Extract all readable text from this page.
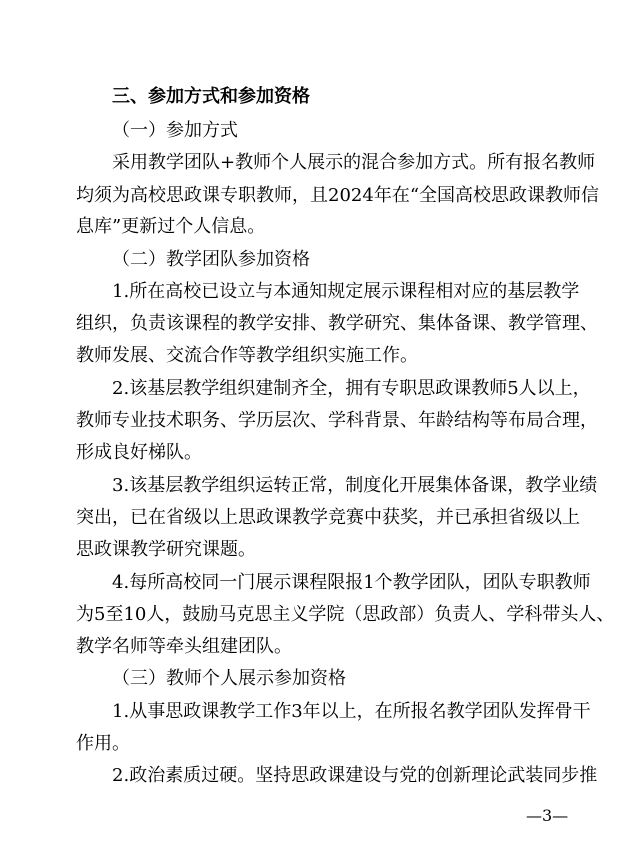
三、参加方式和参加资格
（一）参加方式
采 用 教 学 团 队 + 教 师 个 人 展 示 的 混 合 参 加 方 式 。 所 有 报 名 教 师
均 须 为 高 校 思 政 课 专 职 教 师 ， 且 2024 年 在 “ 全 国 高 校 思 政 课 教 师 信
息库”更新过个人信息。
（二）教学团队参加资格
1. 所 在 高 校 已 设 立 与 本 通 知 规 定 展 示 课 程 相 对 应 的 基 层 教 学
组 织 ， 负 责 该 课 程 的 教 学 安 排 、 教 学 研 究 、 集 体 备 课 、 教 学 管 理 、
教师发展、交流合作等教学组织实施工作。
2. 该 基 层 教 学 组 织 建 制 齐 全 ， 拥 有 专 职 思 政 课 教 师 5 人 以 上 ，
教 师 专 业 技 术 职 务 、 学 历 层 次 、 学 科 背 景 、 年 龄 结 构 等 布 局 合 理 ，
形成良好梯队。
3. 该 基 层 教 学 组 织 运 转 正 常 ， 制 度 化 开 展 集 体 备 课 ， 教 学 业 绩
突 出 ， 已 在 省 级 以 上 思 政 课 教 学 竞 赛 中 获 奖 ， 并 已 承 担 省 级 以 上
思政课教学研究课题。
4. 每 所 高 校 同 一 门 展 示 课 程 限 报 1 个 教 学 团 队 ， 团 队 专 职 教 师
为 5 至 10 人 ， 鼓 励 马 克 思 主 义 学 院 （ 思 政 部 ） 负 责 人 、 学 科 带 头 人 、
教学名师等牵头组建团队。
（三）教师个人展示参加资格
1. 从 事 思 政 课 教 学 工 作 3 年 以 上 ， 在 所 报 名 教 学 团 队 发 挥 骨 干
作用。
2. 政 治 素 质 过 硬 。 坚 持 思 政 课 建 设 与 党 的 创 新 理 论 武 装 同 步 推
—3—
